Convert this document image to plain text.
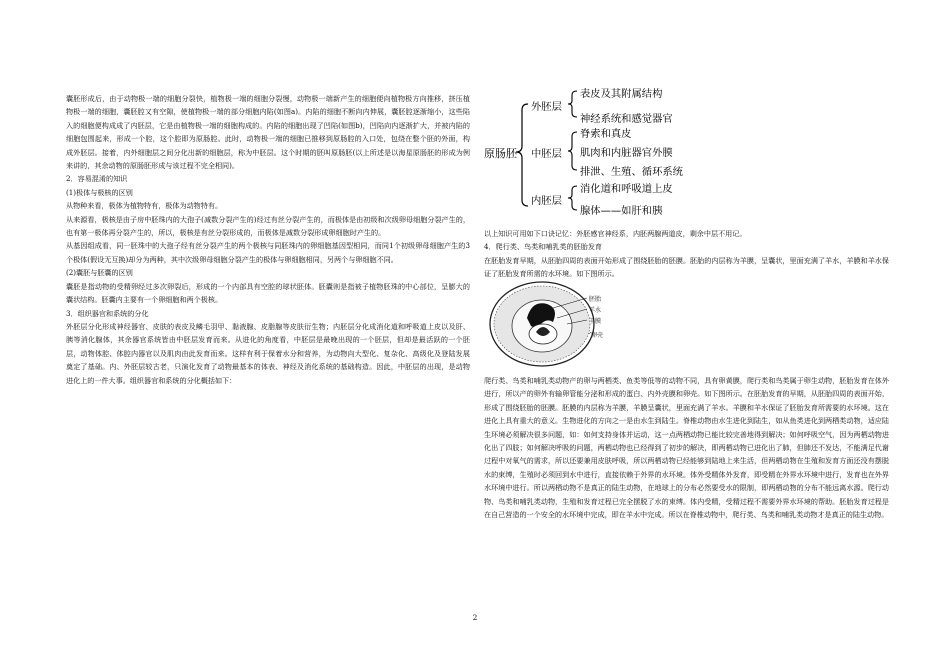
囊胚形成后，由于动物极一端的细胞分裂快，植物极一端的细胞分裂慢，动物极一端新产生的细胞便向植物极方向推移，挤压植物极一端的细胞，囊胚腔又有空隙，使植物极一端的部分细胞内陷(如图a)。内陷的细胞不断向内伸展，囊胚腔逐渐缩小，这些陷入的细胞便构成成了内胚层，它是由植物极一端的细胞构成的。内陷的细胞出现了凹陷(如图b)，凹陷向内逐渐扩大，并被内陷的细胞包围起来，形成一个腔，这个腔即为原肠腔。此时，动物极一端的细胞已推移到原肠腔的入口处，包绕在整个胚的外面，构成外胚层。接着，内外细胞层之间分化出新的细胞层，称为中胚层。这个时期的胚叫原肠胚(以上所述是以海星原肠胚的形成为例来讲的，其余动物的原肠胚形成与该过程不完全相同)。

2．容易混淆的知识

(1)极体与极核的区别

从物种来看，极体为植物特有，极体为动物特有。

从来源看，极核是由子房中胚珠内的大孢子(减数分裂产生的)经过有丝分裂产生的，而极体是由初级和次级卵母细胞分裂产生的，也有第一极体再分裂产生的，所以，极核是有丝分裂形成的，而极体是减数分裂形成卵细胞时产生的。

从基因组成看，同一胚珠中的大孢子经有丝分裂产生的两个极核与同胚珠内的卵细胞基因型相同，而同1个初级卵母细胞产生的3个极体(假设无互换)却分为两种，其中次级卵母细胞分裂产生的极体与卵细胞相同，另两个与卵细胞不同。

(2)囊胚与胚囊的区别

囊胚是指动物的受精卵经过多次卵裂后，形成的一个内部具有空腔的球状胚体。胚囊则是指被子植物胚珠的中心部位，呈膨大的囊状结构。胚囊内主要有一个卵细胞和两个极核。

3．组织器官和系统的分化

外胚层分化形成神经器官、皮肤的表皮及鳞毛羽甲、黏液腺、皮脂腺等皮肤衍生物；内胚层分化成消化道和呼吸道上皮以及肝、胰等消化腺体，其余器官系统皆由中胚层发育而来。从进化的角度看，中胚层是最晚出现的一个胚层，但却是最活跃的一个胚层，动物体腔、体腔内器官以及肌肉由此发育而来。这样有利于保着水分和营养，为动物向大型化、复杂化、高级化及登陆发展奠定了基础。内、外胚层较古老，只演化发育了动物最基本的体表、神经及消化系统的基础构造。因此，中胚层的出现，是动物进化上的一件大事。组织器官和系统的分化概括如下：

原肠胚
外胚层
表皮及其附属结构
神经系统和感觉器官
中胚层
脊索和真皮
肌肉和内脏器官外膜
排泄、生殖、循环系统
内胚层
消化道和呼吸道上皮
腺体——如肝和胰

以上知识可用如下口诀记忆：外胚感官神经系，内胚两腺两道皮，剩余中层不用记。

4．爬行类、鸟类和哺乳类的胚胎发育

在胚胎发育早期，从胚胎四周的表面开始形成了围绕胚胎的胚膜。胚胎的内层称为羊膜，呈囊状，里面充满了羊水，羊膜和羊水保证了胚胎发育所需的水环境。如下图所示。

胚胎
羊水
羊膜
卵壳

爬行类、鸟类和哺乳类动物产的卵与两栖类、鱼类等低等的动物不同，具有卵黄膜，爬行类和鸟类属于卵生动物，胚胎发育在体外进行，所以产的卵外有输卵管能分泌和形成的蛋白、内外壳膜和卵壳。如下图所示。在胚胎发育的早期，从胚胎四周的表面开始，形成了围绕胚胎的胚膜。胚膜的内层称为羊膜，羊膜呈囊状，里面充满了羊水。羊膜和羊水保证了胚胎发育所需要的水环境。这在进化上具有重大的意义。生物进化的方向之一是由水生到陆生。脊椎动物由水生进化到陆生，如从鱼类进化到两栖类动物，适应陆生环境必须解决很多问题，如：如何支持身体并运动，这一点两栖动物已能比较完善地得到解决；如何呼吸空气，因为两栖动物进化出了四肢；如何解决呼吸的问题，两栖动物也已经得到了初步的解决，即两栖动物已进化出了肺，但肺还不发达，不能满足代谢过程中对氧气的需求，所以还要兼用皮肤呼吸，所以两栖动物已经能够到陆地上来生活，但两栖动物在生殖和发育方面还没有摆脱水的束缚，生殖时必须回到水中进行，直接依赖于外界的水环境。体外受精体外发育，即受精在外界水环境中进行，发育也在外界水环境中进行。所以两栖动物不是真正的陆生动物，在地球上的分布必然要受水的限制，即两栖动物的分布不能远离水源。爬行动物、鸟类和哺乳类动物，生殖和发育过程已完全摆脱了水的束缚。体内受精，受精过程不需要外界水环境的帮助。胚胎发育过程是在自己营造的一个安全的水环境中完成，即在羊水中完成。所以在脊椎动物中，爬行类、鸟类和哺乳类动物才是真正的陆生动物。

2
